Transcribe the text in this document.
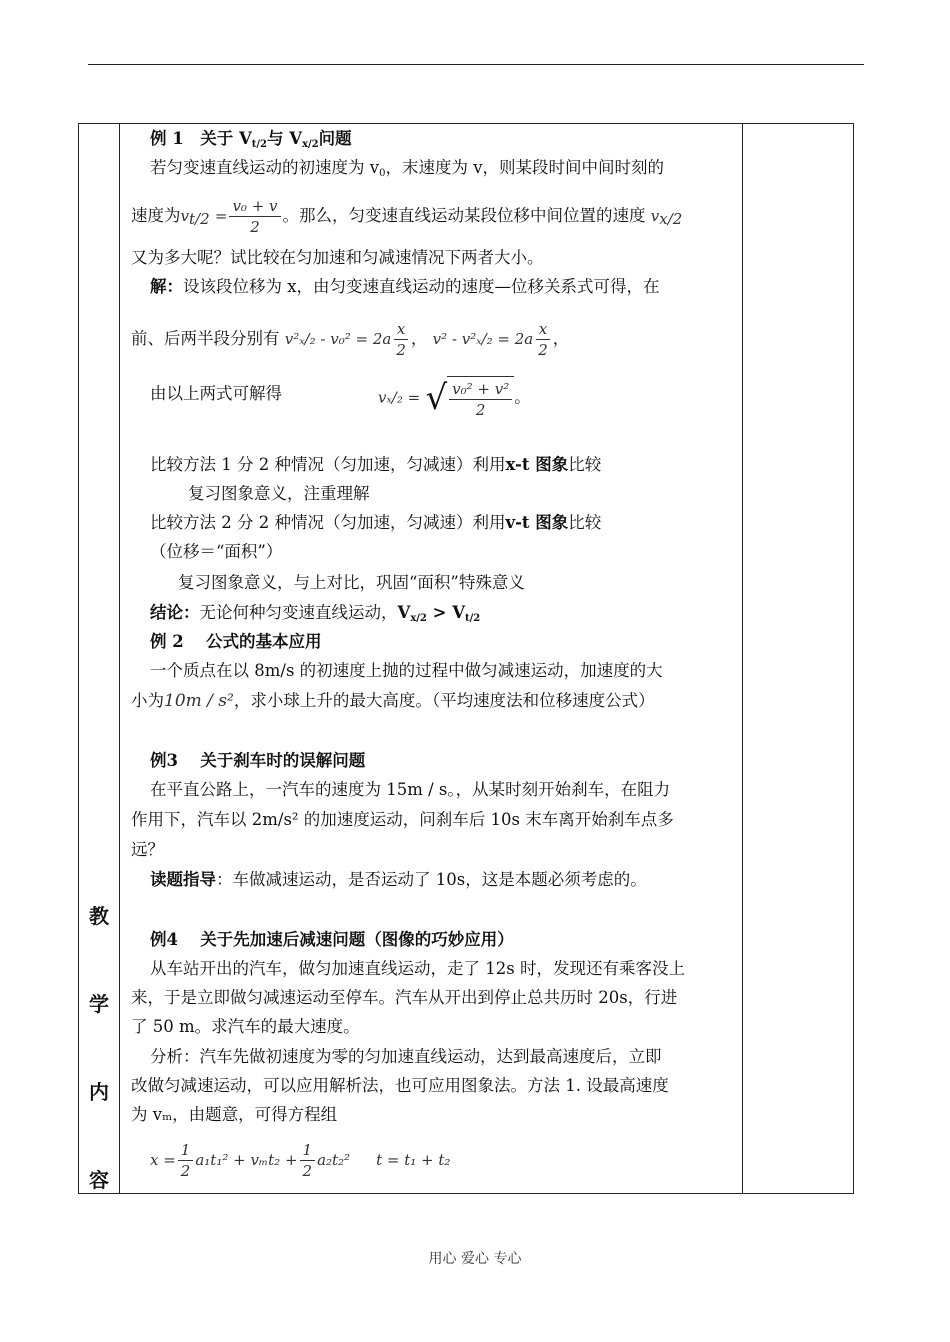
教
学
内
容

例 1　关于 $V_{t/2}$与 $V_{x/2}$问题
若匀变速直线运动的初速度为 $v_0$，末速度为 v，则某段时间中间时刻的
速度为$v_{t/2} = \frac{\text{v₀ + v}}{2}$ 。那么，匀变速直线运动某段位移中间位置的速度 $v_{x/2}$
又为多大呢？试比较在匀加速和匀减速情况下两者大小。
解：设该段位移为 x，由匀变速直线运动的速度—位移关系式可得，在
前、后两半段分别有 $v^2_x/_2 - v_0^2 = 2a \frac{x}{2}$ ， $v^2 - v^2_x/_2 = 2a \frac{x}{2}$ ，
由以上两式可解得	vₓ/₂ = √ $\frac{\text{v₀² + v²}}{2}$ 。
比较方法 1 分 2 种情况（匀加速，匀减速）利用x-t 图象比较
复习图象意义，注重理解
比较方法 2 分 2 种情况（匀加速，匀减速）利用v-t 图象比较
（位移＝“面积”）
复习图象意义，与上对比，巩固“面积”特殊意义
结论：无论何种匀变速直线运动，$V_{x/2} > V_{t/2}$
例 2　 公式的基本应用
一个质点在以 8m/s 的初速度上抛的过程中做匀减速运动，加速度的大
小为10m / s²，求小球上升的最大高度。（平均速度法和位移速度公式）
例3　 关于刹车时的误解问题
在平直公路上，一汽车的速度为 15m / s。，从某时刻开始刹车，在阻力
作用下，汽车以 2m/s² 的加速度运动，问刹车后 10s 末车离开始刹车点多
远？
读题指导：车做减速运动，是否运动了 10s，这是本题必须考虑的。
例4　 关于先加速后减速问题（图像的巧妙应用）
从车站开出的汽车，做匀加速直线运动，走了 12s 时，发现还有乘客没上
来，于是立即做匀减速运动至停车。汽车从开出到停止总共历时 20s，行进
了 50 m。求汽车的最大速度。
分析：汽车先做初速度为零的匀加速直线运动，达到最高速度后，立即
改做匀减速运动，可以应用解析法，也可应用图象法。方法 1. 设最高速度
为 vₘ，由题意，可得方程组
$x = \frac{1}{2} a_1t_1^2 + v_mt_2 + \frac{1}{2} a_2t_2^2$ t = t₁ + t₂

用心 爱心 专心
